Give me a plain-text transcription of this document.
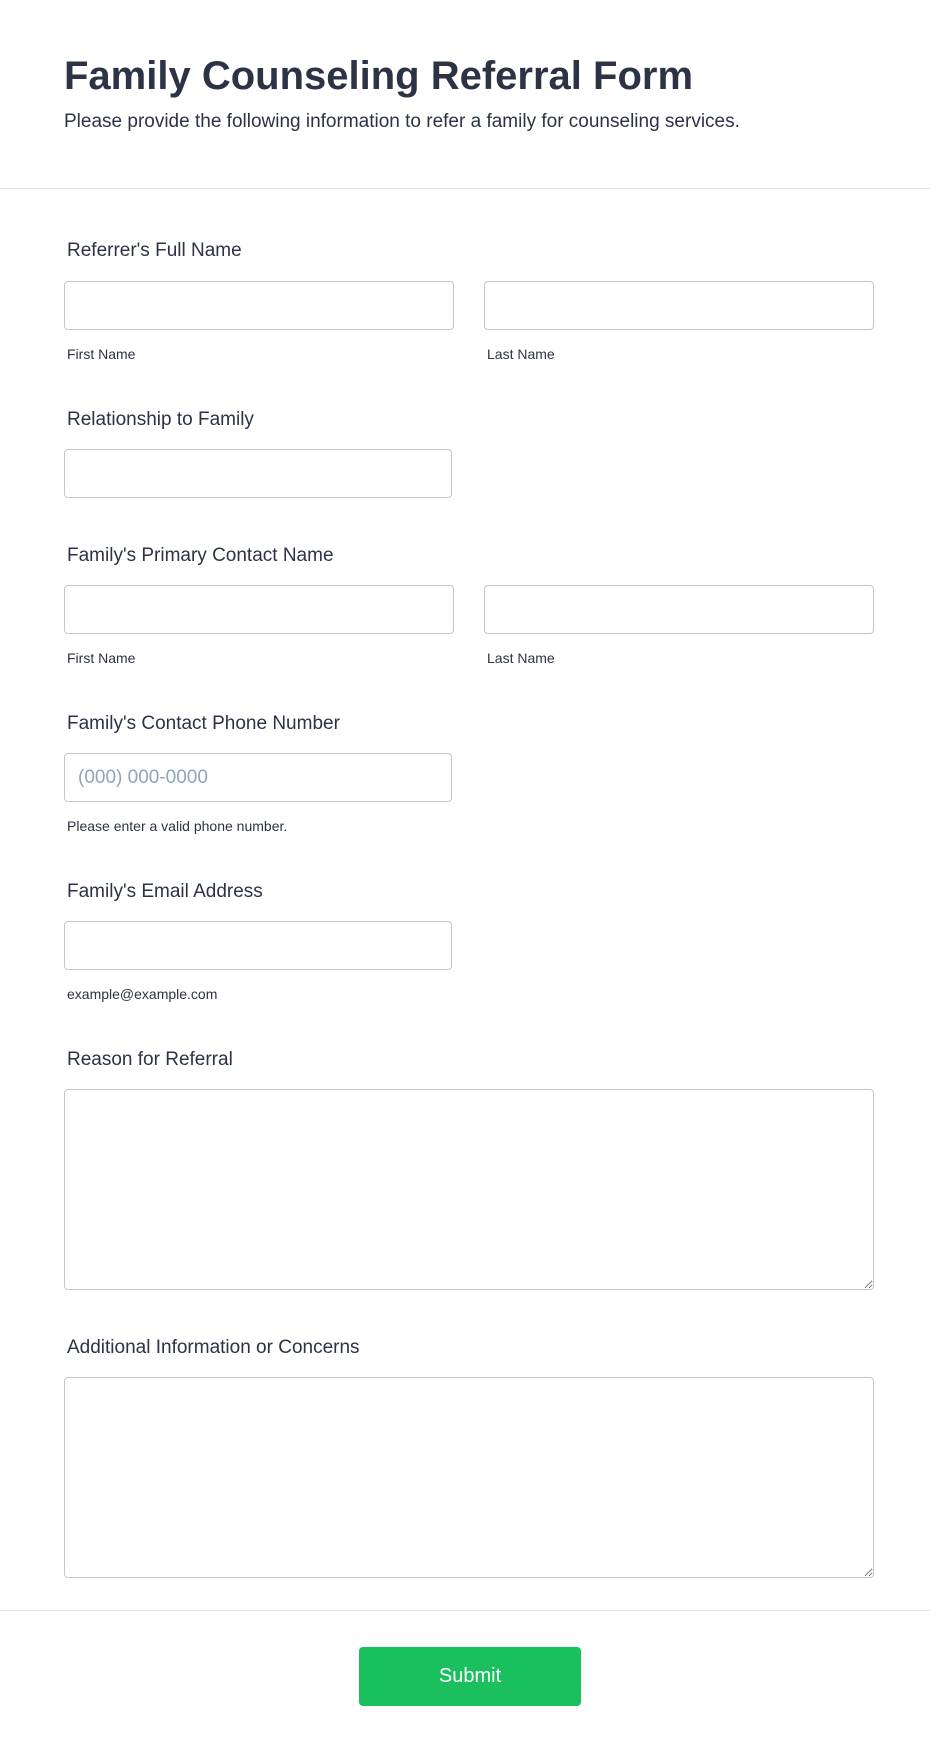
Family Counseling Referral Form
Please provide the following information to refer a family for counseling services.
Referrer's Full Name
First Name	Last Name
Relationship to Family
Family's Primary Contact Name
First Name	Last Name
Family's Contact Phone Number
(000) 000-0000
Please enter a valid phone number.
Family's Email Address
example@example.com
Reason for Referral
Additional Information or Concerns
Submit
